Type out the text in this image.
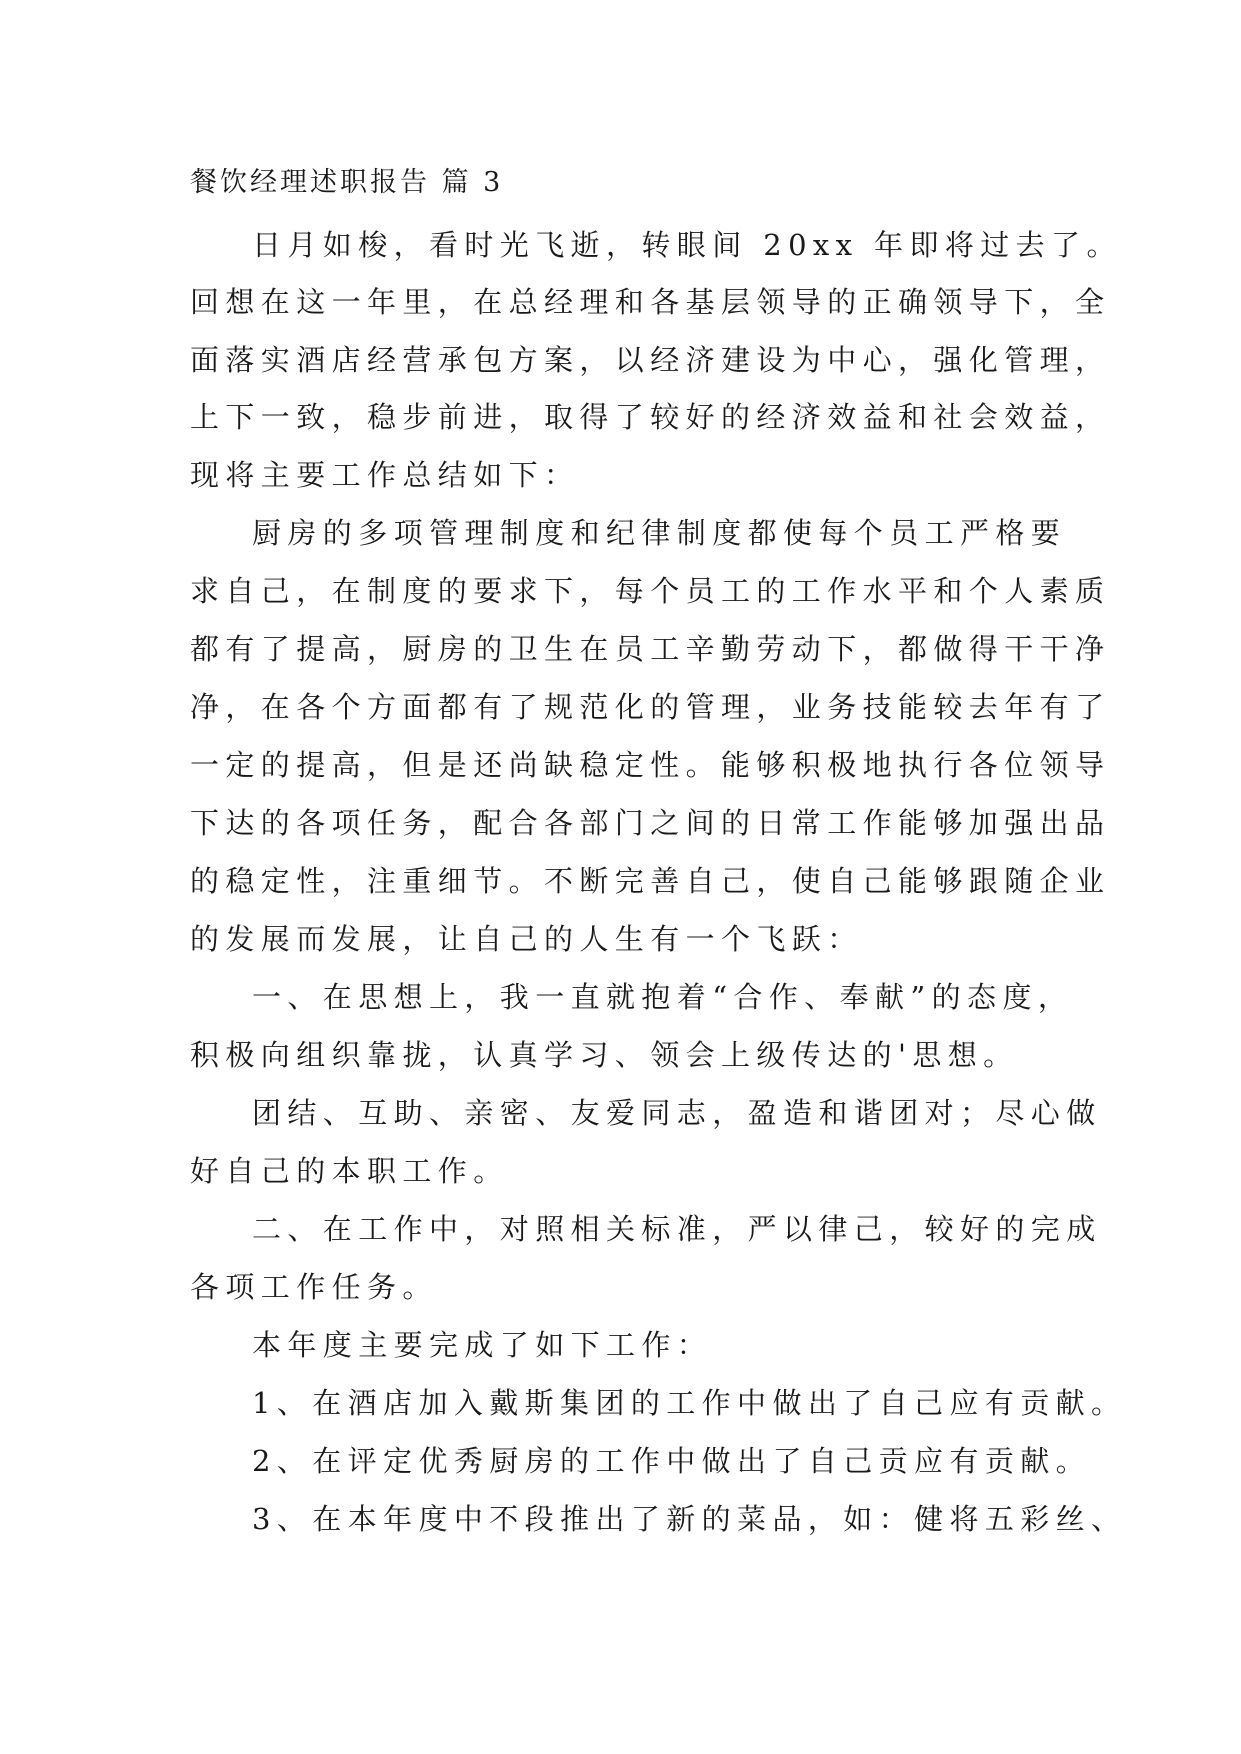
餐饮经理述职报告 篇 3

日月如梭，看时光飞逝，转眼间 20xx 年即将过去了。

回想在这一年里，在总经理和各基层领导的正确领导下，全

面落实酒店经营承包方案，以经济建设为中心，强化管理，

上下一致，稳步前进，取得了较好的经济效益和社会效益，

现将主要工作总结如下：

厨房的多项管理制度和纪律制度都使每个员工严格要

求自己，在制度的要求下，每个员工的工作水平和个人素质

都有了提高，厨房的卫生在员工辛勤劳动下，都做得干干净

净，在各个方面都有了规范化的管理，业务技能较去年有了

一定的提高，但是还尚缺稳定性。能够积极地执行各位领导

下达的各项任务，配合各部门之间的日常工作能够加强出品

的稳定性，注重细节。不断完善自己，使自己能够跟随企业

的发展而发展，让自己的人生有一个飞跃：

一、在思想上，我一直就抱着“合作、奉献”的态度，

积极向组织靠拢，认真学习、领会上级传达的'思想。

团结、互助、亲密、友爱同志，盈造和谐团对；尽心做

好自己的本职工作。

二、在工作中，对照相关标准，严以律己，较好的完成

各项工作任务。

本年度主要完成了如下工作：

1、在酒店加入戴斯集团的工作中做出了自己应有贡献。

2、在评定优秀厨房的工作中做出了自己贡应有贡献。

3、在本年度中不段推出了新的菜品，如：健将五彩丝、
